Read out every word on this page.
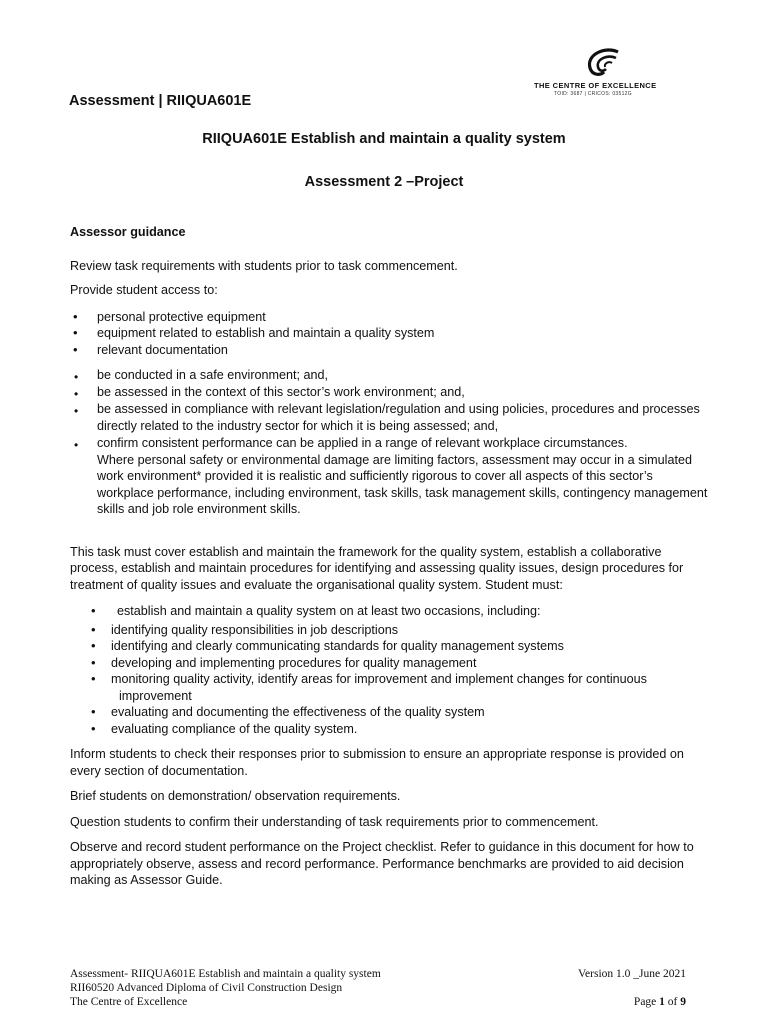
THE CENTRE OF EXCELLENCE
TOID: 3687 | CRICOS: 03512G
Assessment | RIIQUA601E
RIIQUA601E Establish and maintain a quality system
Assessment 2 –Project

Assessor guidance

Review task requirements with students prior to task commencement.

Provide student access to:

• personal protective equipment
• equipment related to establish and maintain a quality system
• relevant documentation
• be conducted in a safe environment; and,
• be assessed in the context of this sector’s work environment; and,
• be assessed in compliance with relevant legislation/regulation and using policies, procedures and processes directly related to the industry sector for which it is being assessed; and,
• confirm consistent performance can be applied in a range of relevant workplace circumstances.

Where personal safety or environmental damage are limiting factors, assessment may occur in a simulated work environment* provided it is realistic and sufficiently rigorous to cover all aspects of this sector’s workplace performance, including environment, task skills, task management skills, contingency management skills and job role environment skills.

This task must cover establish and maintain the framework for the quality system, establish a collaborative process, establish and maintain procedures for identifying and assessing quality issues, design procedures for treatment of quality issues and evaluate the organisational quality system. Student must:

• establish and maintain a quality system on at least two occasions, including:
• identifying quality responsibilities in job descriptions
• identifying and clearly communicating standards for quality management systems
• developing and implementing procedures for quality management
• monitoring quality activity, identify areas for improvement and implement changes for continuous
improvement
• evaluating and documenting the effectiveness of the quality system
• evaluating compliance of the quality system.

Inform students to check their responses prior to submission to ensure an appropriate response is provided on every section of documentation.

Brief students on demonstration/ observation requirements.

Question students to confirm their understanding of task requirements prior to commencement.

Observe and record student performance on the Project checklist. Refer to guidance in this document for how to appropriately observe, assess and record performance. Performance benchmarks are provided to aid decision making as Assessor Guide.

Assessment- RIIQUA601E Establish and maintain a quality system	Version 1.0 _June 2021
RII60520 Advanced Diploma of Civil Construction Design
The Centre of Excellence	Page 1 of 9
